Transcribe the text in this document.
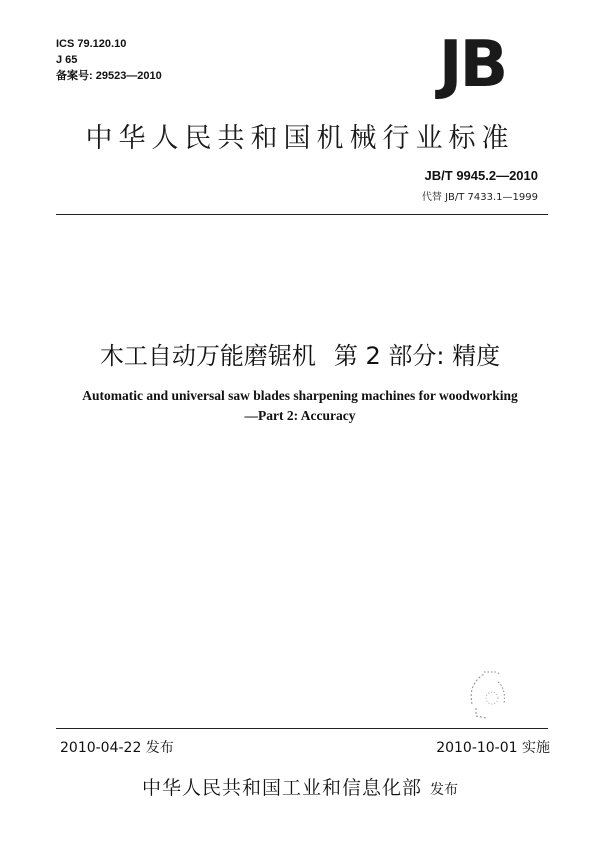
ICS 79.120.10
J 65
备案号: 29523—2010	JB
中华人民共和国机械行业标准
JB/T 9945.2—2010
代替 JB/T 7433.1—1999
木工自动万能磨锯机 第 2 部分: 精度
Automatic and universal saw blades sharpening machines for woodworking
—Part 2: Accuracy
2010-04-22 发布	2010-10-01 实施
中华人民共和国工业和信息化部 发布
